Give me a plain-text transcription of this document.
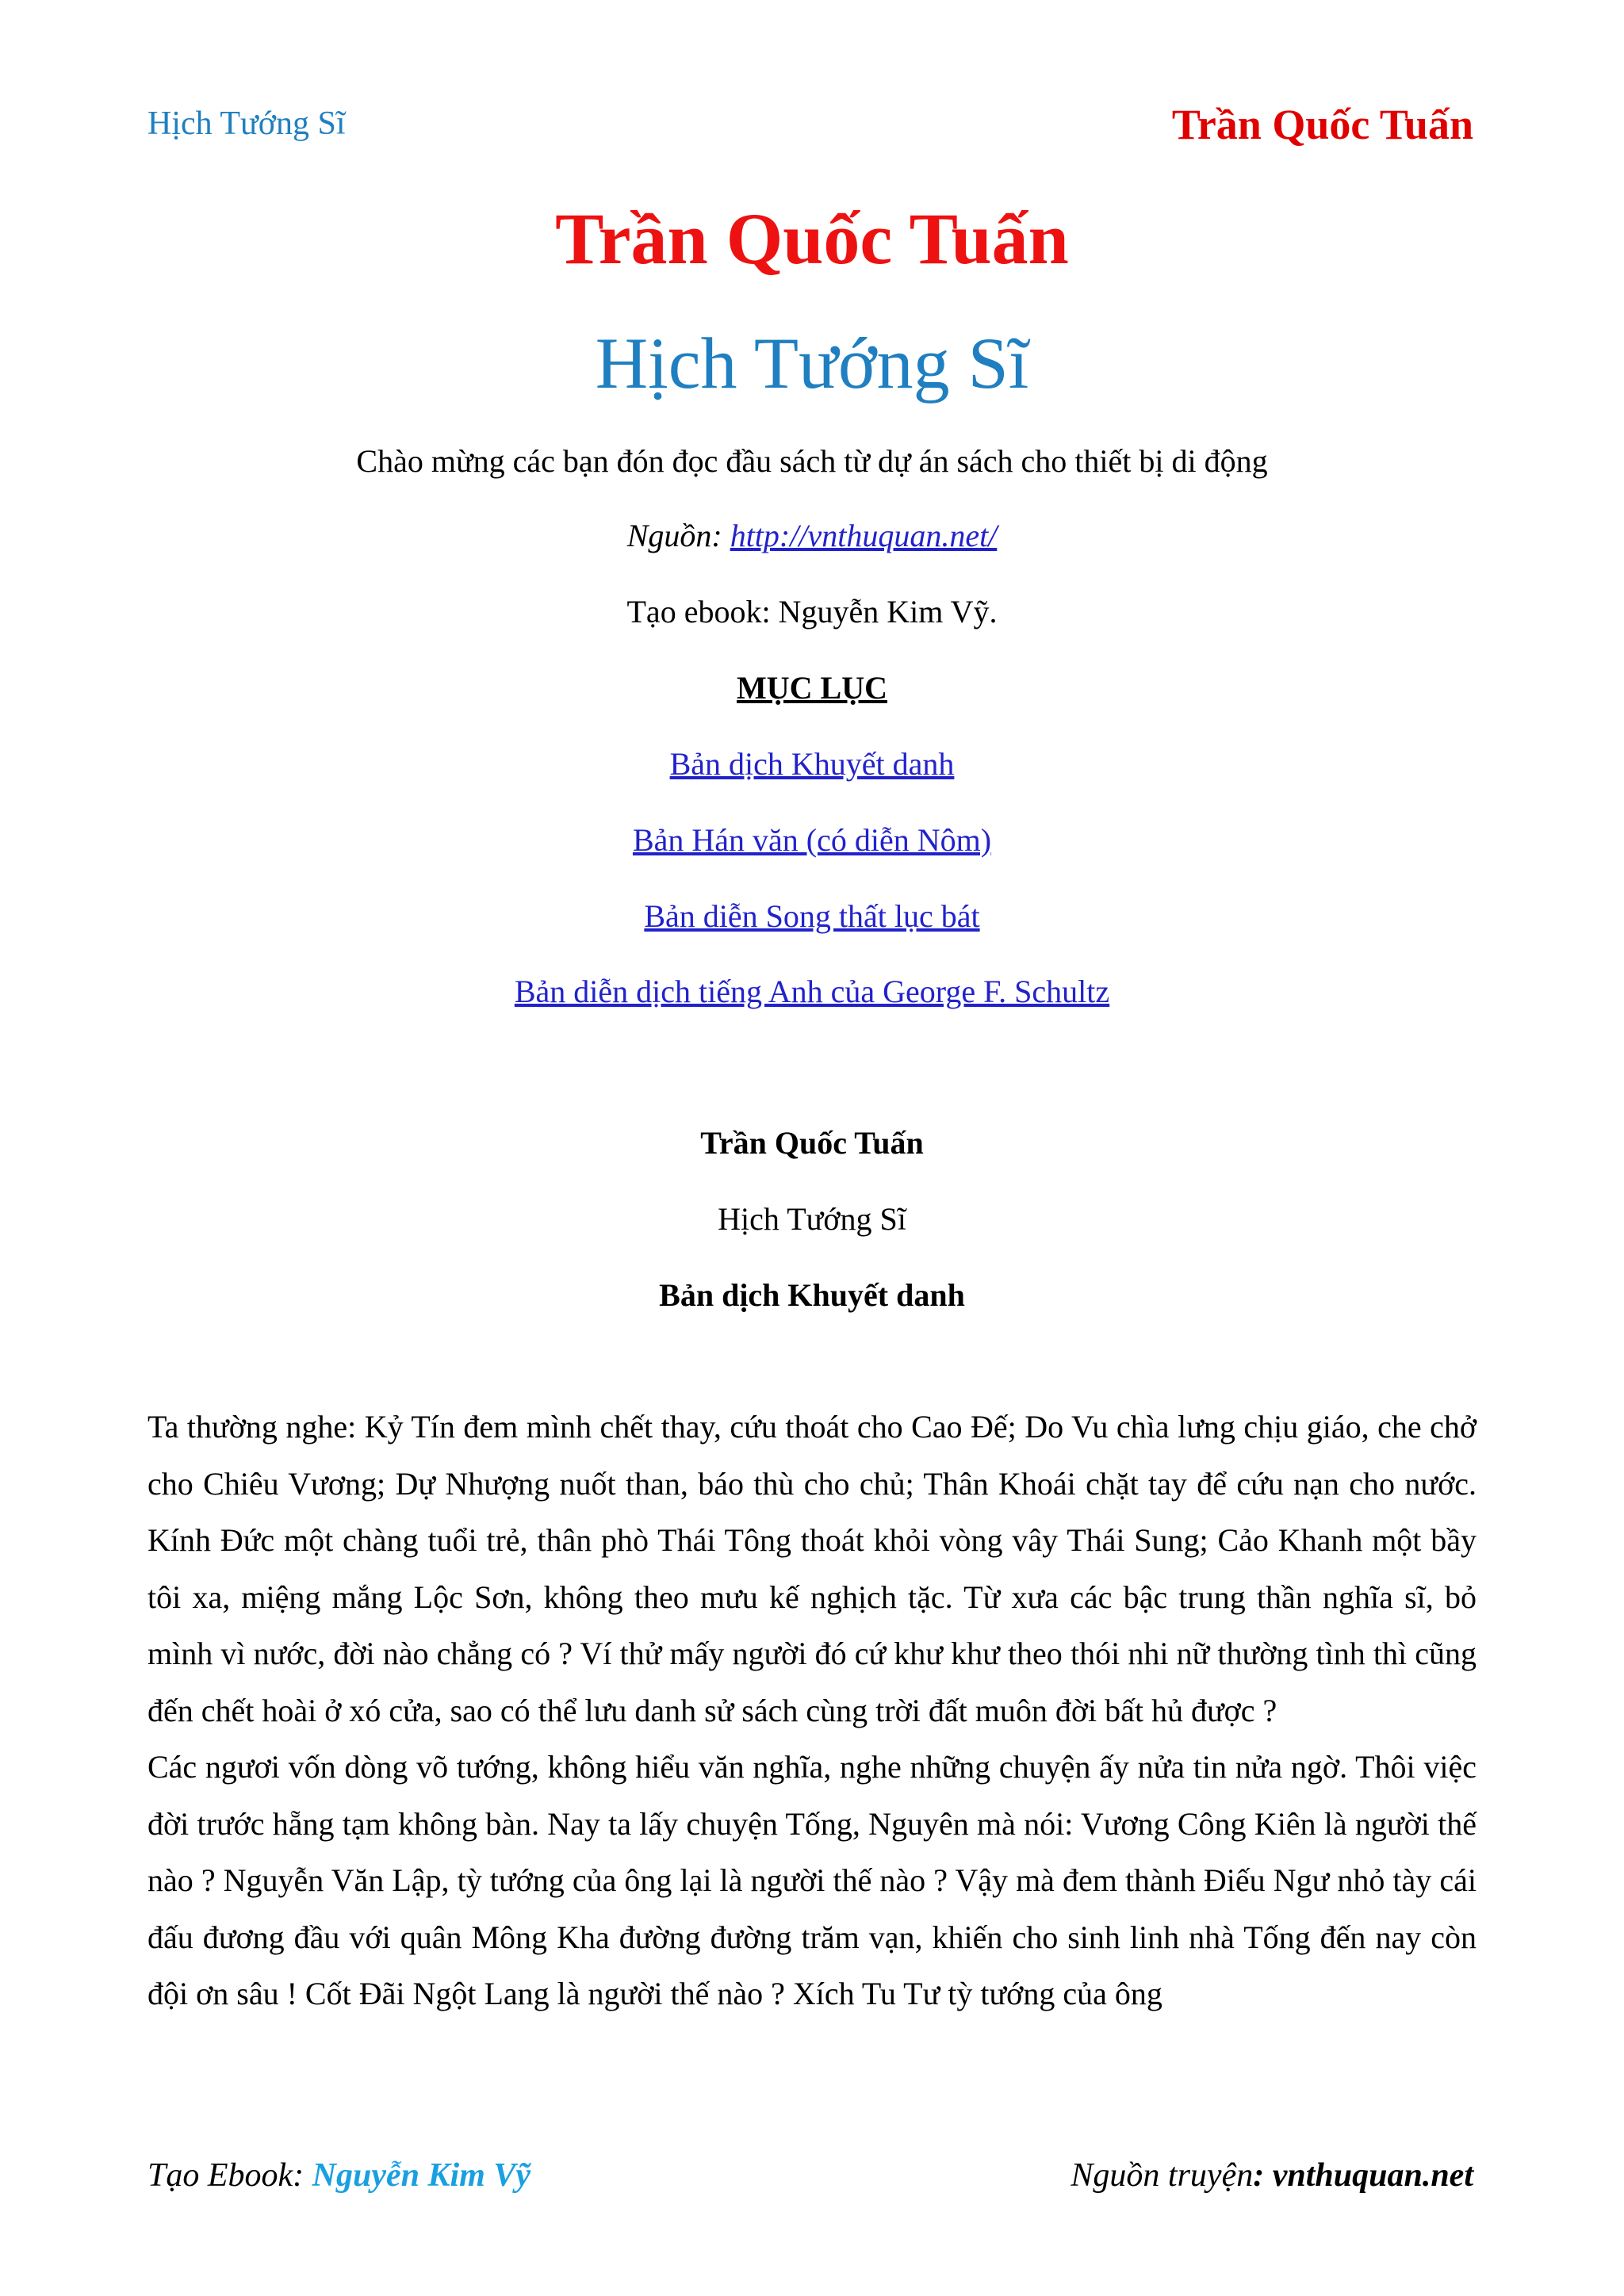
Hịch Tướng Sĩ	Trần Quốc Tuấn
Trần Quốc Tuấn
Hịch Tướng Sĩ
Chào mừng các bạn đón đọc đầu sách từ dự án sách cho thiết bị di động
Nguồn: http://vnthuquan.net/
Tạo ebook: Nguyễn Kim Vỹ.
MỤC LỤC
Bản dịch Khuyết danh
Bản Hán văn (có diễn Nôm)
Bản diễn Song thất lục bát
Bản diễn dịch tiếng Anh của George F. Schultz
Trần Quốc Tuấn
Hịch Tướng Sĩ
Bản dịch Khuyết danh

Ta thường nghe: Kỷ Tín đem mình chết thay, cứu thoát cho Cao Đế; Do Vu chìa lưng chịu giáo, che chở cho Chiêu Vương; Dự Nhượng nuốt than, báo thù cho chủ; Thân Khoái chặt tay để cứu nạn cho nước. Kính Đức một chàng tuổi trẻ, thân phò Thái Tông thoát khỏi vòng vây Thái Sung; Cảo Khanh một bầy tôi xa, miệng mắng Lộc Sơn, không theo mưu kế nghịch tặc. Từ xưa các bậc trung thần nghĩa sĩ, bỏ mình vì nước, đời nào chẳng có ? Ví thử mấy người đó cứ khư khư theo thói nhi nữ thường tình thì cũng đến chết hoài ở xó cửa, sao có thể lưu danh sử sách cùng trời đất muôn đời bất hủ được ?

Các ngươi vốn dòng võ tướng, không hiểu văn nghĩa, nghe những chuyện ấy nửa tin nửa ngờ. Thôi việc đời trước hẵng tạm không bàn. Nay ta lấy chuyện Tống, Nguyên mà nói: Vương Công Kiên là người thế nào ? Nguyễn Văn Lập, tỳ tướng của ông lại là người thế nào ? Vậy mà đem thành Điếu Ngư nhỏ tày cái đấu đương đầu với quân Mông Kha đường đường trăm vạn, khiến cho sinh linh nhà Tống đến nay còn đội ơn sâu ! Cốt Đãi Ngột Lang là người thế nào ? Xích Tu Tư tỳ tướng của ông

Tạo Ebook: Nguyễn Kim Vỹ	Nguồn truyện: vnthuquan.net
